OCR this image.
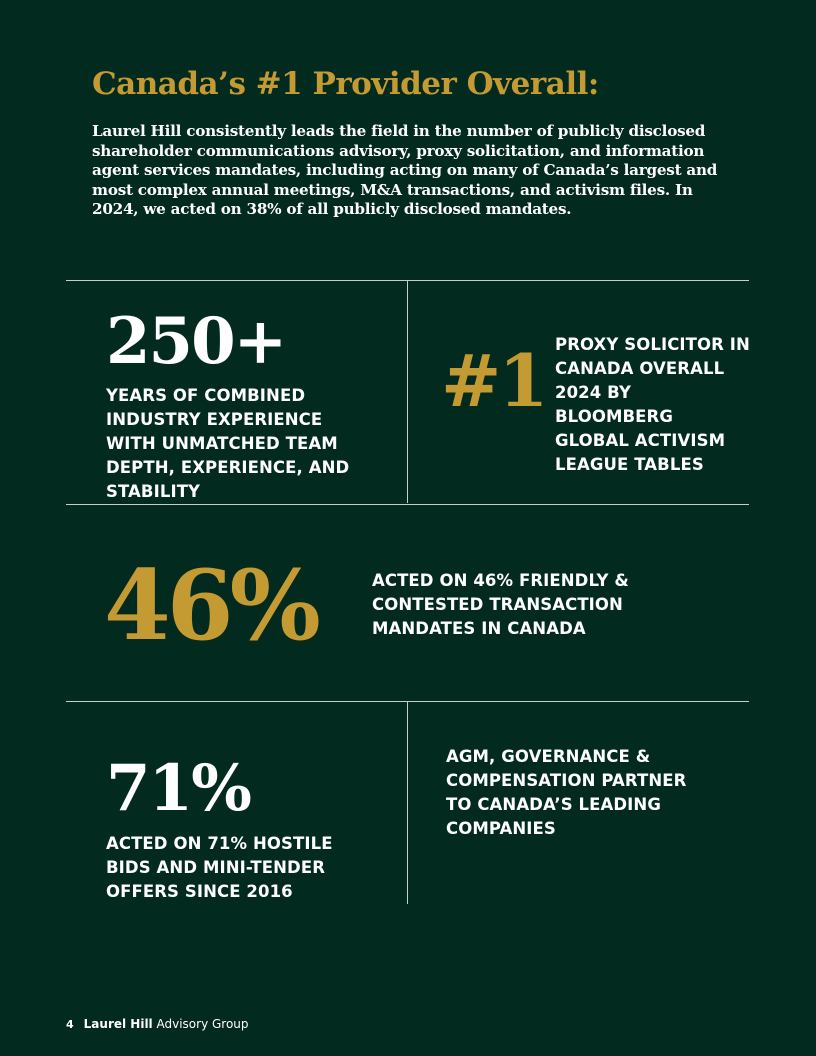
Canada’s #1 Provider Overall:

Laurel Hill consistently leads the field in the number of publicly disclosed shareholder communications advisory, proxy solicitation, and information agent services mandates, including acting on many of Canada’s largest and most complex annual meetings, M&A transactions, and activism files. In 2024, we acted on 38% of all publicly disclosed mandates.

250+

YEARS OF COMBINED INDUSTRY EXPERIENCE WITH UNMATCHED TEAM DEPTH, EXPERIENCE, AND STABILITY

#1 PROXY SOLICITOR IN CANADA OVERALL 2024 BY BLOOMBERG GLOBAL ACTIVISM LEAGUE TABLES

46%	ACTED ON 46% FRIENDLY & CONTESTED TRANSACTION MANDATES IN CANADA

71%

ACTED ON 71% HOSTILE BIDS AND MINI-TENDER OFFERS SINCE 2016

AGM, GOVERNANCE & COMPENSATION PARTNER TO CANADA’S LEADING COMPANIES

4 Laurel Hill Advisory Group
